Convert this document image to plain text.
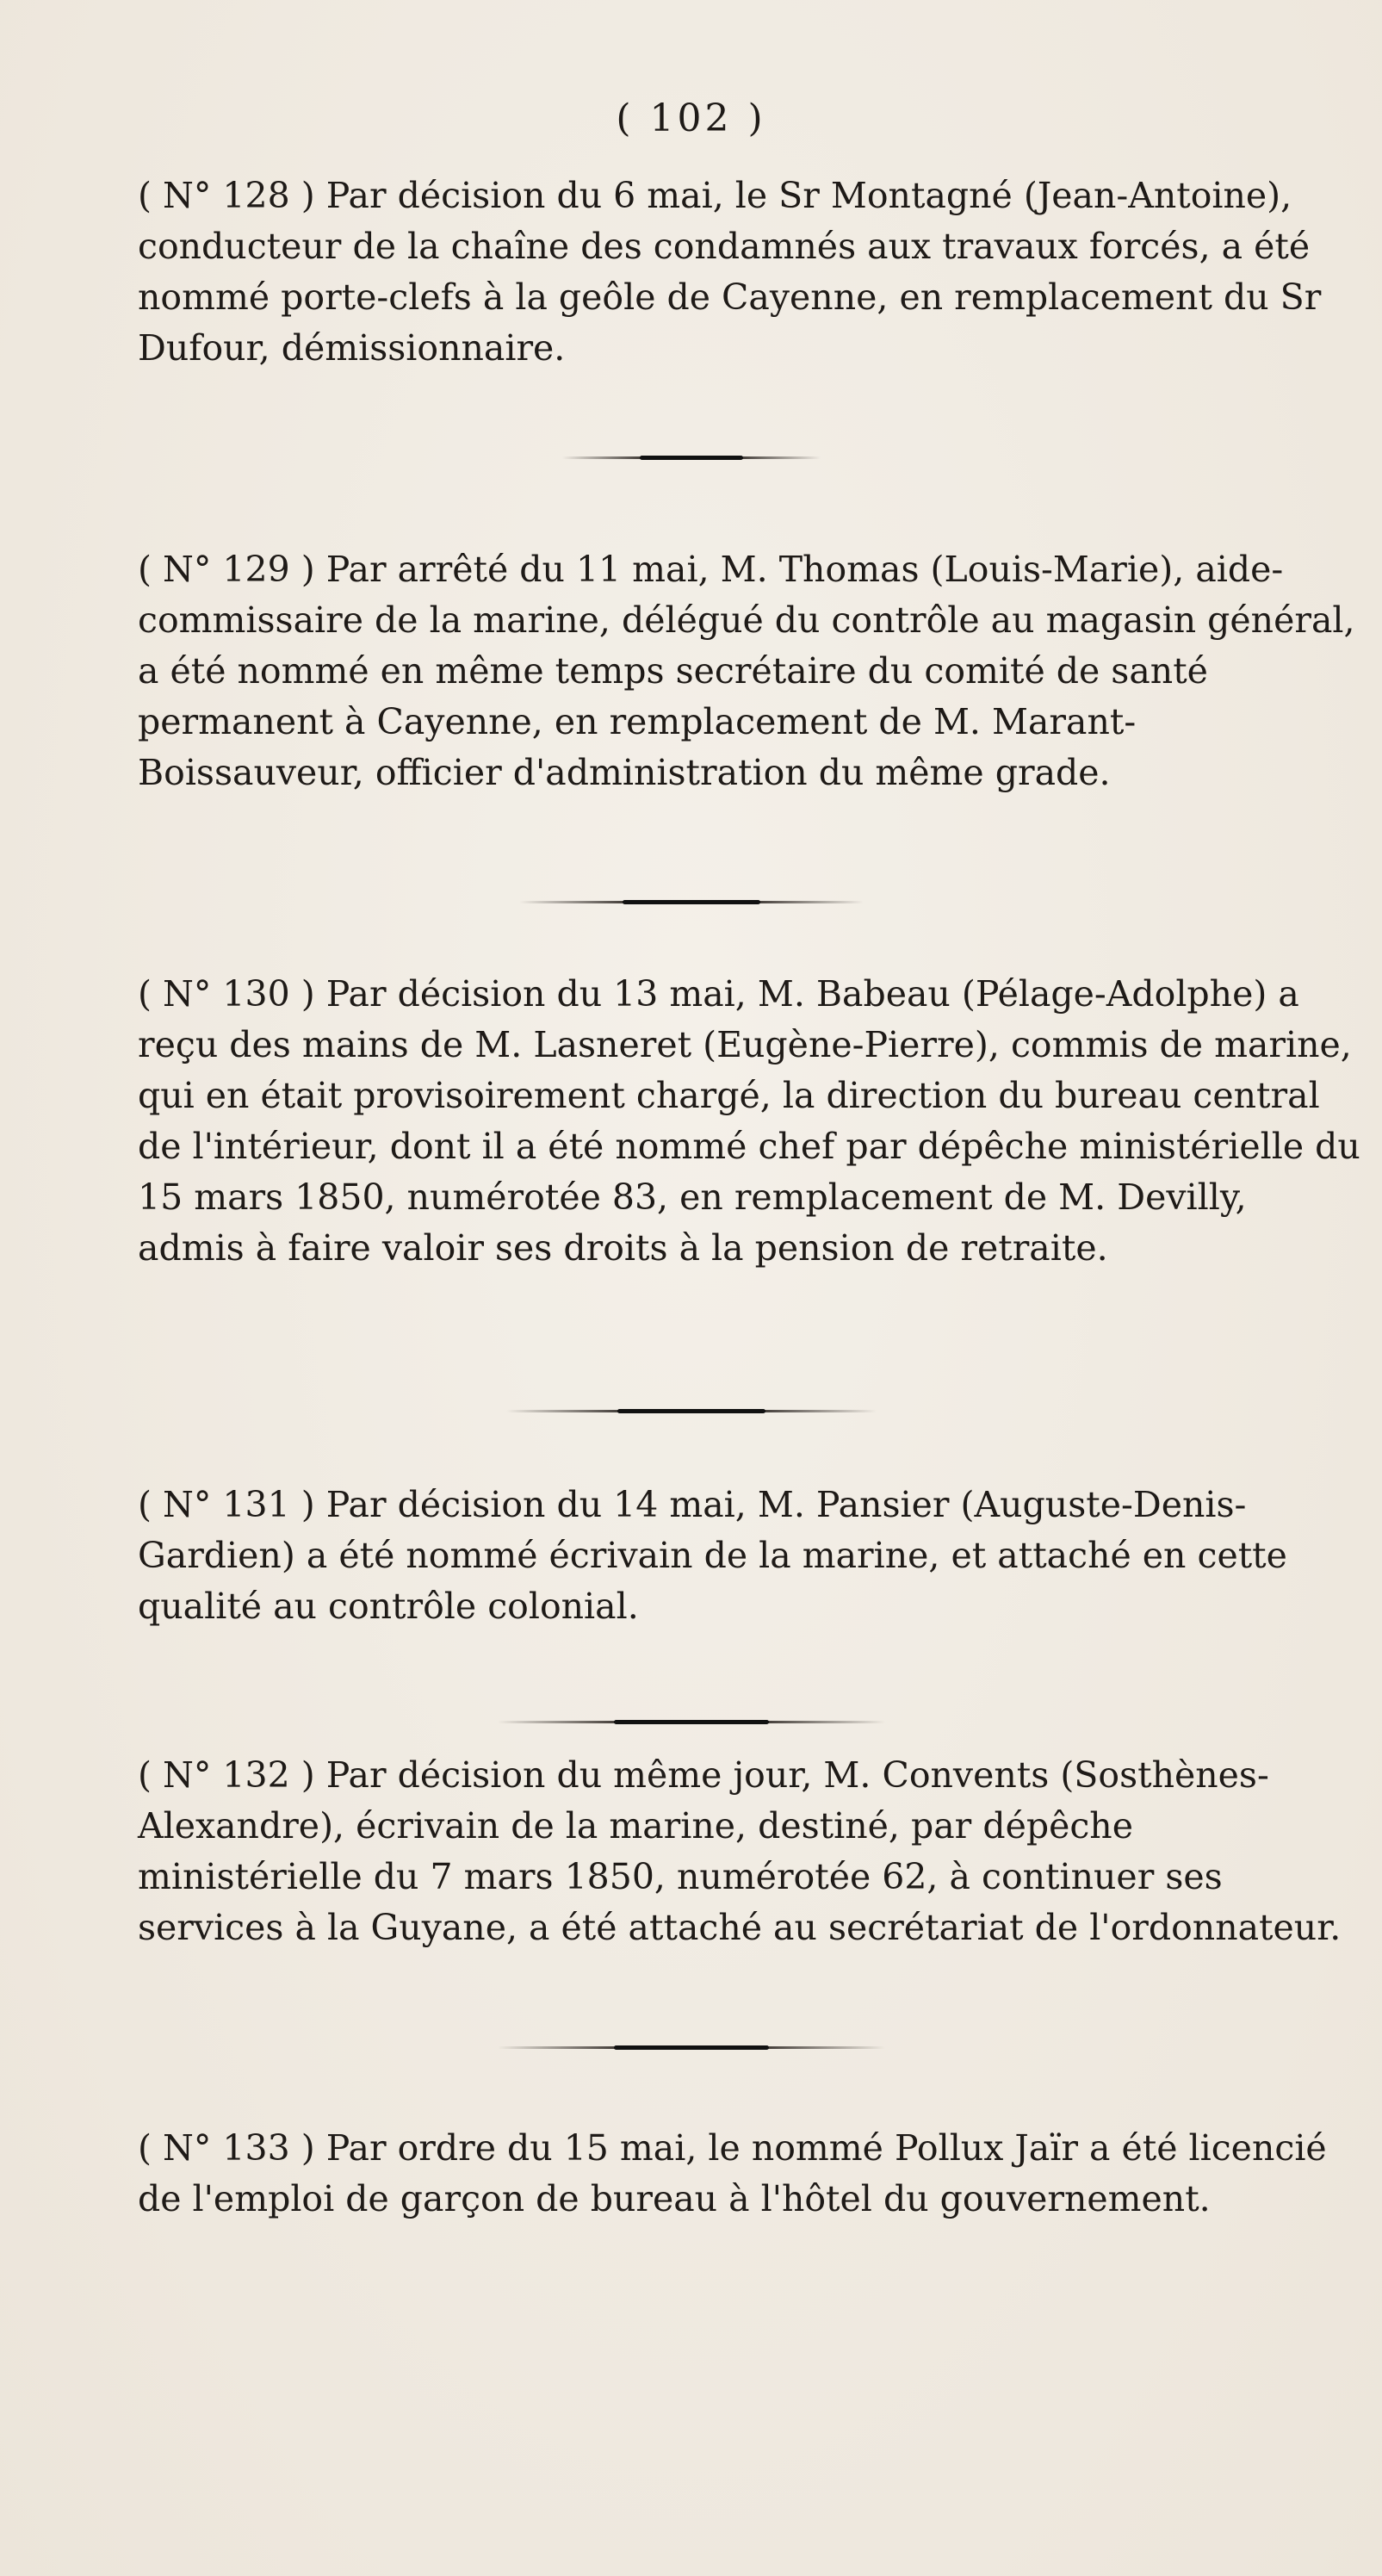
( 102 )

( N° 128 ) Par décision du 6 mai, le Sr Montagné (Jean-Antoine), conducteur de la chaîne des condamnés aux travaux forcés, a été nommé porte-clefs à la geôle de Cayenne, en remplacement du Sr Dufour, démissionnaire.

( N° 129 ) Par arrêté du 11 mai, M. Thomas (Louis-Marie), aide-commissaire de la marine, délégué du contrôle au magasin général, a été nommé en même temps secrétaire du comité de santé permanent à Cayenne, en remplacement de M. Marant-Boissauveur, officier d'administration du même grade.

( N° 130 ) Par décision du 13 mai, M. Babeau (Pélage-Adolphe) a reçu des mains de M. Lasneret (Eugène-Pierre), commis de marine, qui en était provisoirement chargé, la direction du bureau central de l'intérieur, dont il a été nommé chef par dépêche ministérielle du 15 mars 1850, numérotée 83, en remplacement de M. Devilly, admis à faire valoir ses droits à la pension de retraite.

( N° 131 ) Par décision du 14 mai, M. Pansier (Auguste-Denis-Gardien) a été nommé écrivain de la marine, et attaché en cette qualité au contrôle colonial.

( N° 132 ) Par décision du même jour, M. Convents (Sosthènes-Alexandre), écrivain de la marine, destiné, par dépêche ministérielle du 7 mars 1850, numérotée 62, à continuer ses services à la Guyane, a été attaché au secrétariat de l'ordonnateur.

( N° 133 ) Par ordre du 15 mai, le nommé Pollux Jaïr a été licencié de l'emploi de garçon de bureau à l'hôtel du gouvernement.
